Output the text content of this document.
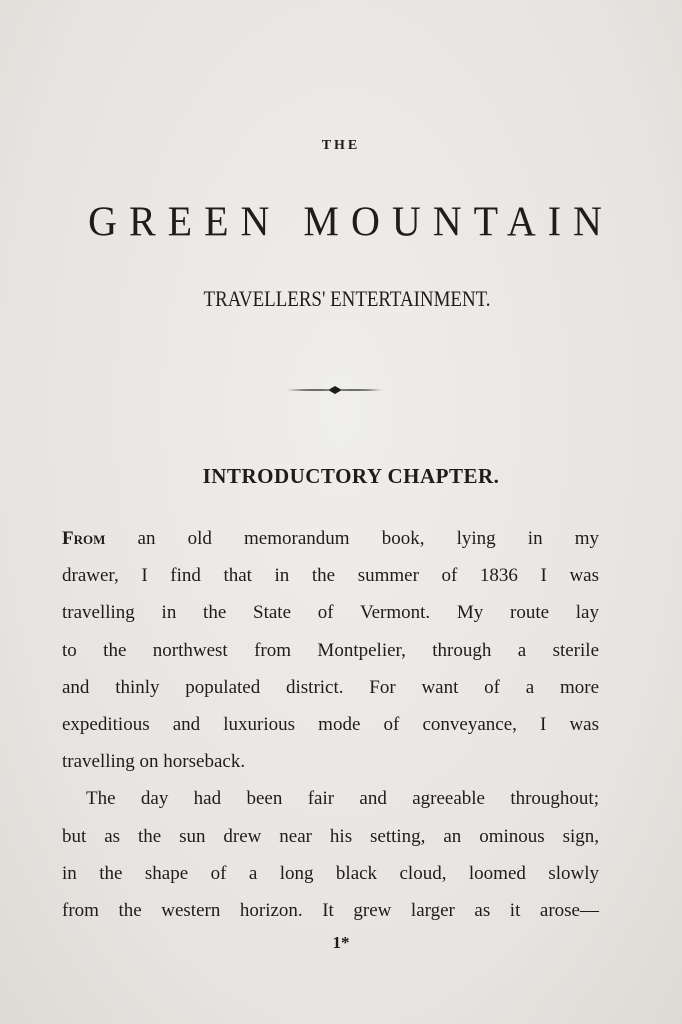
THE
GREEN MOUNTAIN
TRAVELLERS' ENTERTAINMENT.
INTRODUCTORY CHAPTER.

From an old memorandum book, lying in my
drawer, I find that in the summer of 1836 I was
travelling in the State of Vermont. My route lay
to the northwest from Montpelier, through a sterile
and thinly populated district. For want of a more
expeditious and luxurious mode of conveyance, I was
travelling on horseback.

The day had been fair and agreeable throughout;
but as the sun drew near his setting, an ominous sign,
in the shape of a long black cloud, loomed slowly
from the western horizon. It grew larger as it arose—

1*
